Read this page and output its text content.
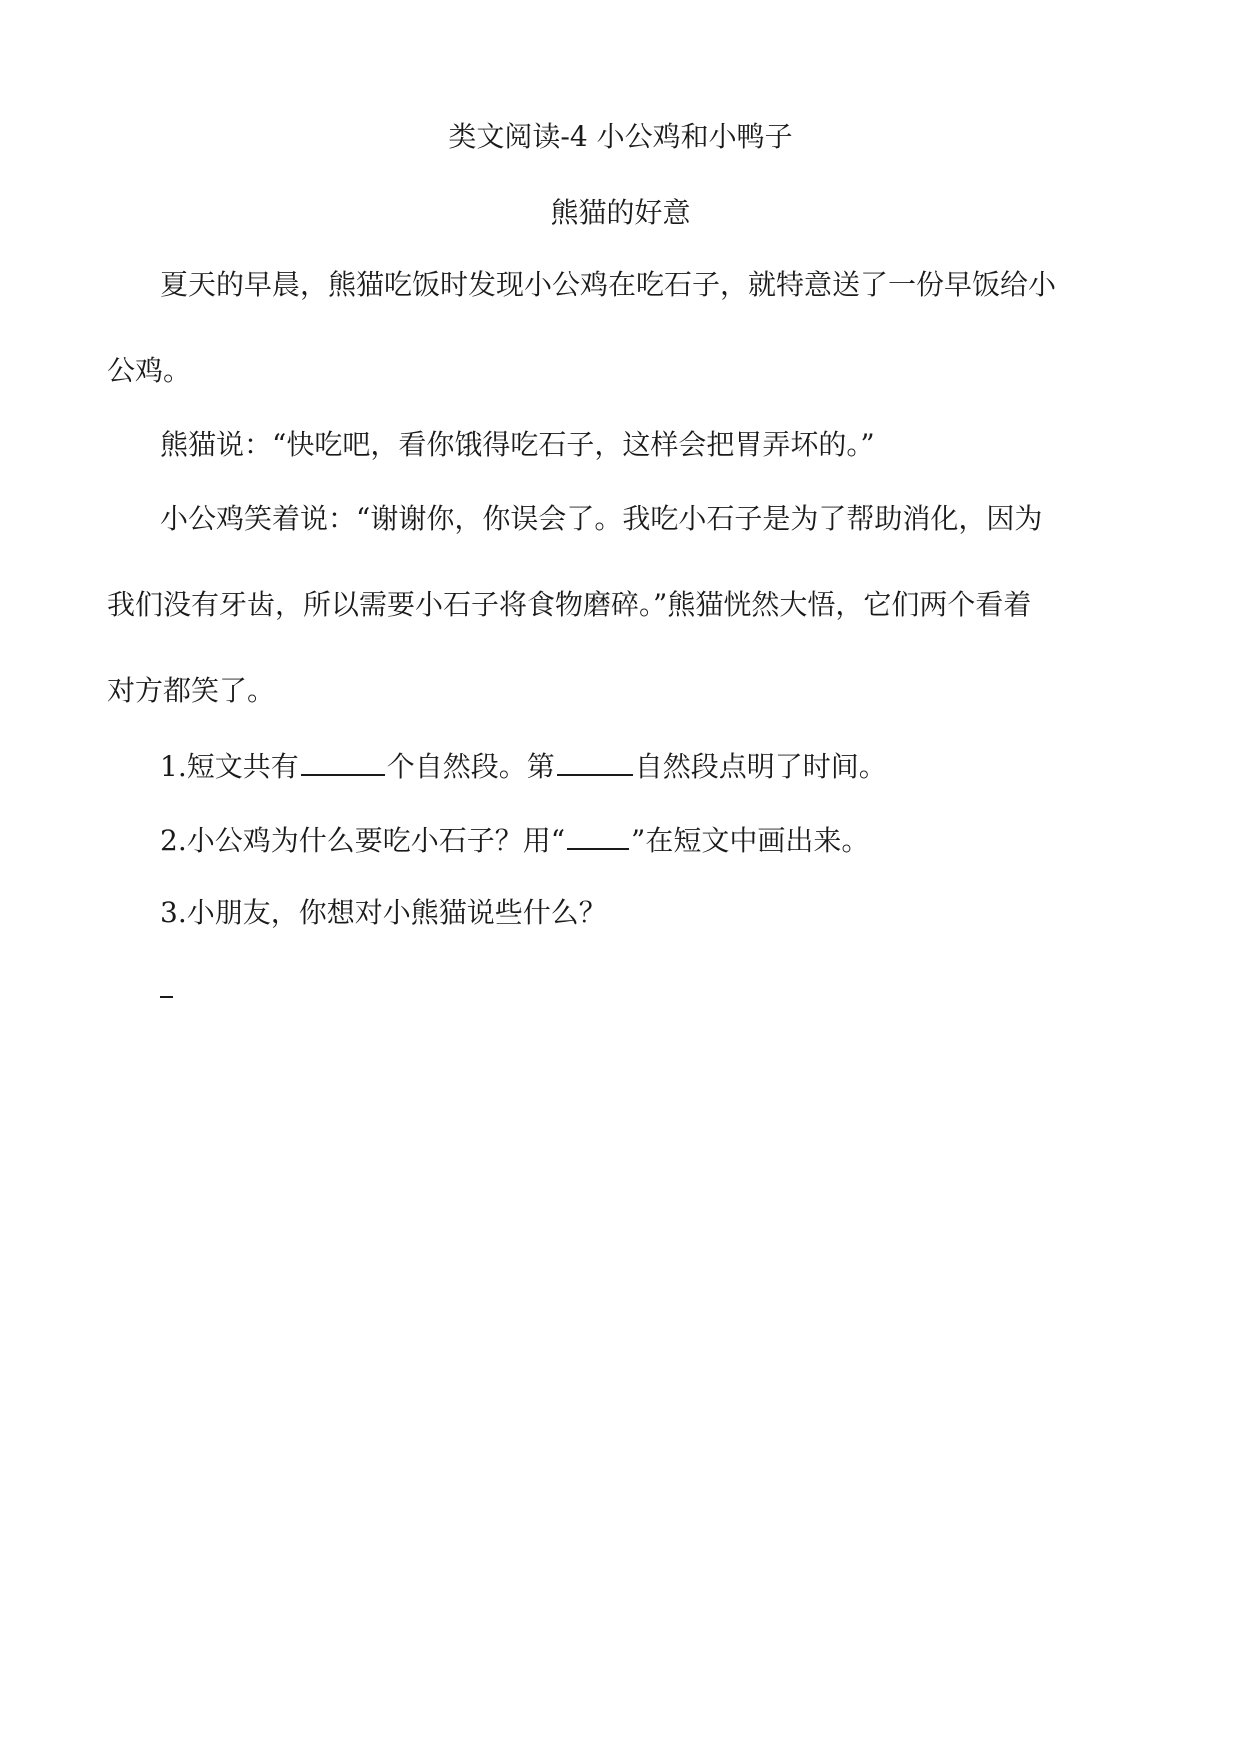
类文阅读-4 小公鸡和小鸭子
熊猫的好意
夏天的早晨，熊猫吃饭时发现小公鸡在吃石子，就特意送了一份早饭给小
公鸡。
熊猫说：“快吃吧，看你饿得吃石子，这样会把胃弄坏的。”
小公鸡笑着说：“谢谢你，你误会了。我吃小石子是为了帮助消化，因为
我们没有牙齿，所以需要小石子将食物磨碎。”熊猫恍然大悟，它们两个看着
对方都笑了。
1.短文共有	个自然段。第	自然段点明了时间。
2.小公鸡为什么要吃小石子？用“ ”在短文中画出来。
3.小朋友，你想对小熊猫说些什么？
